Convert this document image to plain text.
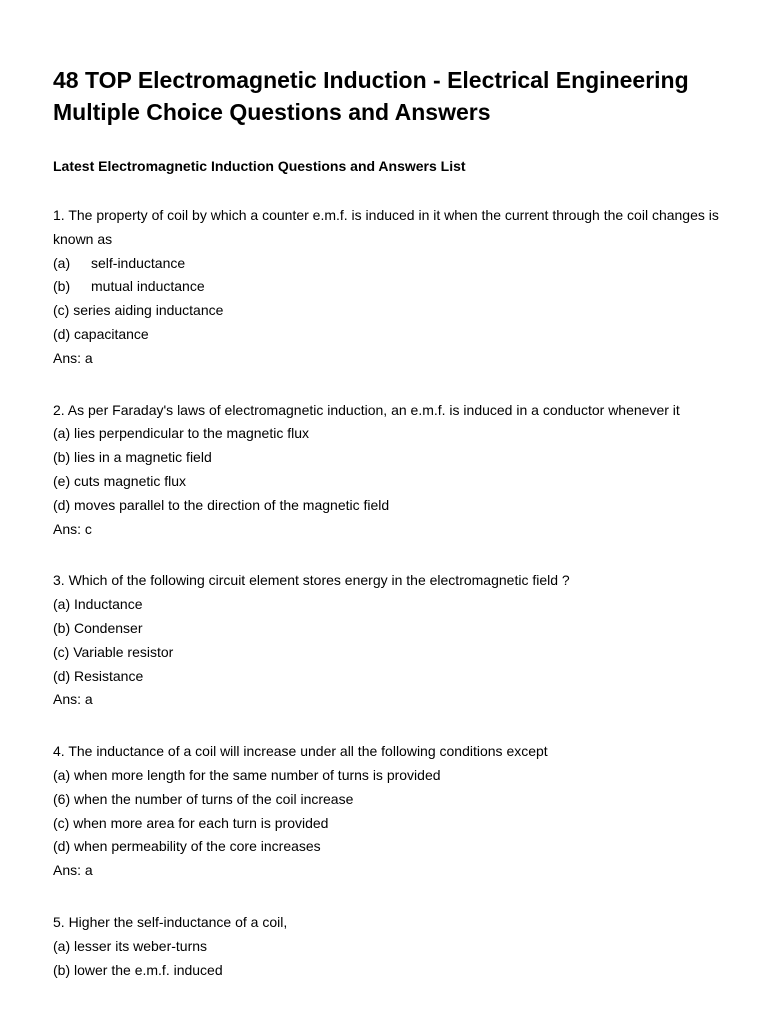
48 TOP Electromagnetic Induction - Electrical Engineering Multiple Choice Questions and Answers
Latest Electromagnetic Induction Questions and Answers List
1. The property of coil by which a counter e.m.f. is induced in it when the current through the coil changes is known as
(a) self-inductance
(b) mutual inductance
(c) series aiding inductance
(d) capacitance
Ans: a
2. As per Faraday's laws of electromagnetic induction, an e.m.f. is induced in a conductor whenever it
(a) lies perpendicular to the magnetic flux
(b) lies in a magnetic field
(e) cuts magnetic flux
(d) moves parallel to the direction of the magnetic field
Ans: c
3. Which of the following circuit element stores energy in the electromagnetic field ?
(a) Inductance
(b) Condenser
(c) Variable resistor
(d) Resistance
Ans: a
4. The inductance of a coil will increase under all the following conditions except
(a) when more length for the same number of turns is provided
(6) when the number of turns of the coil increase
(c) when more area for each turn is provided
(d) when permeability of the core increases
Ans: a
5. Higher the self-inductance of a coil,
(a) lesser its weber-turns
(b) lower the e.m.f. induced
